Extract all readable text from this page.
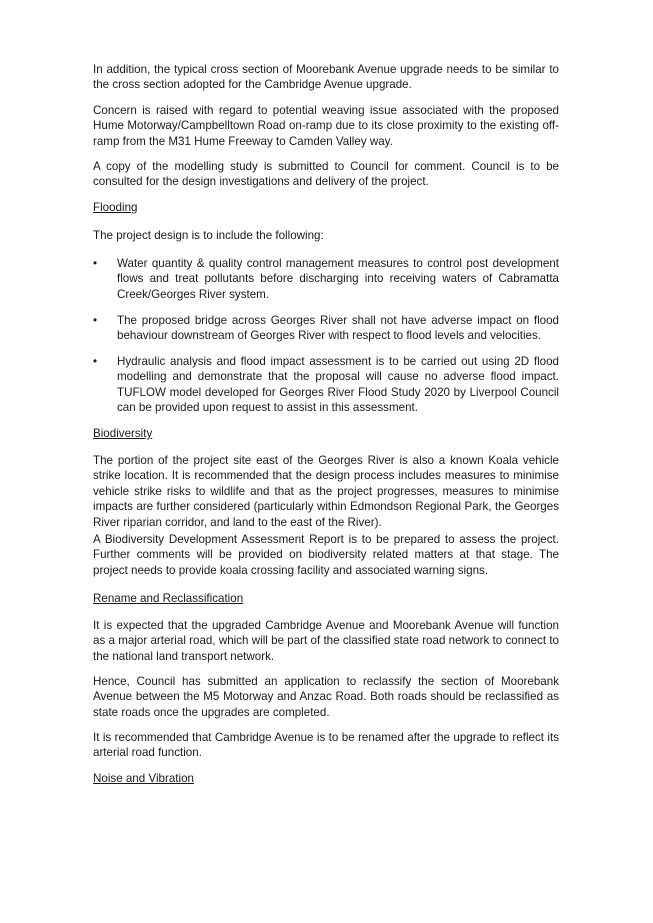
In addition, the typical cross section of Moorebank Avenue upgrade needs to be similar to the cross section adopted for the Cambridge Avenue upgrade.

Concern is raised with regard to potential weaving issue associated with the proposed Hume Motorway/Campbelltown Road on-ramp due to its close proximity to the existing off-ramp from the M31 Hume Freeway to Camden Valley way.

A copy of the modelling study is submitted to Council for comment. Council is to be consulted for the design investigations and delivery of the project.

Flooding

The project design is to include the following:

•	Water quantity & quality control management measures to control post development flows and treat pollutants before discharging into receiving waters of Cabramatta Creek/Georges River system.

•	The proposed bridge across Georges River shall not have adverse impact on flood behaviour downstream of Georges River with respect to flood levels and velocities.

•	Hydraulic analysis and flood impact assessment is to be carried out using 2D flood modelling and demonstrate that the proposal will cause no adverse flood impact. TUFLOW model developed for Georges River Flood Study 2020 by Liverpool Council can be provided upon request to assist in this assessment.

Biodiversity

The portion of the project site east of the Georges River is also a known Koala vehicle strike location. It is recommended that the design process includes measures to minimise vehicle strike risks to wildlife and that as the project progresses, measures to minimise impacts are further considered (particularly within Edmondson Regional Park, the Georges River riparian corridor, and land to the east of the River).

A Biodiversity Development Assessment Report is to be prepared to assess the project. Further comments will be provided on biodiversity related matters at that stage. The project needs to provide koala crossing facility and associated warning signs.

Rename and Reclassification

It is expected that the upgraded Cambridge Avenue and Moorebank Avenue will function as a major arterial road, which will be part of the classified state road network to connect to the national land transport network.

Hence, Council has submitted an application to reclassify the section of Moorebank Avenue between the M5 Motorway and Anzac Road. Both roads should be reclassified as state roads once the upgrades are completed.

It is recommended that Cambridge Avenue is to be renamed after the upgrade to reflect its arterial road function.

Noise and Vibration
